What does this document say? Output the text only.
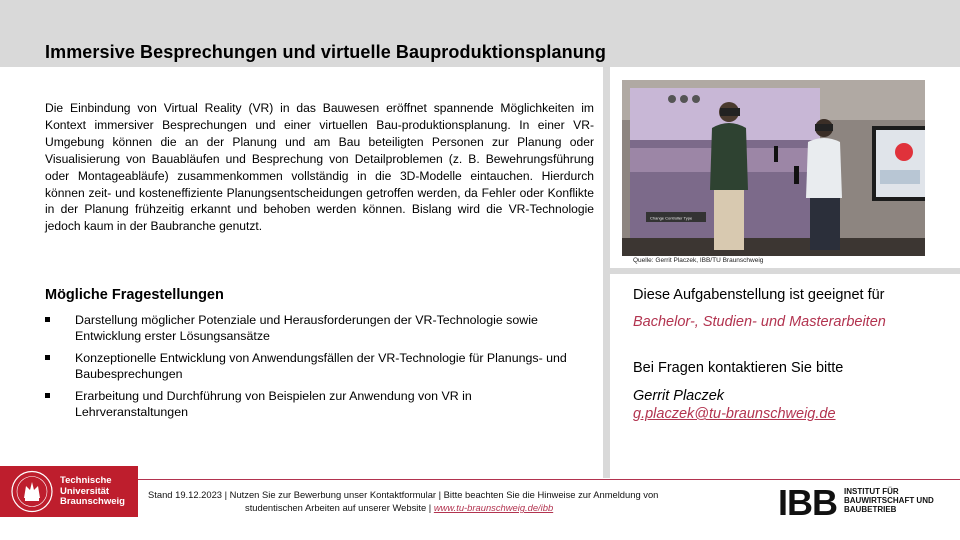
Immersive Besprechungen und virtuelle Bauproduktionsplanung

Die Einbindung von Virtual Reality (VR) in das Bauwesen eröffnet spannende Möglichkeiten im Kontext immersiver Besprechungen und einer virtuellen Bau-produktionsplanung. In einer VR-Umgebung können die an der Planung und am Bau beteiligten Personen zur Planung oder Visualisierung von Bauabläufen und Besprechung von Detailproblemen (z. B. Bewehrungsführung oder Montageabläufe) zusammenkommen vollständig in die 3D-Modelle eintauchen. Hierdurch können zeit- und kosteneffiziente Planungsentscheidungen getroffen werden, da Fehler oder Konflikte in der Planung frühzeitig erkannt und behoben werden können. Bislang wird die VR-Technologie jedoch kaum in der Baubranche genutzt.

Mögliche Fragestellungen
Darstellung möglicher Potenziale und Herausforderungen der VR-Technologie sowie Entwicklung erster Lösungsansätze
Konzeptionelle Entwicklung von Anwendungsfällen der VR-Technologie für Planungs- und Baubesprechungen
Erarbeitung und Durchführung von Beispielen zur Anwendung von VR in Lehrveranstaltungen
Change Controller Type
Quelle: Gerrit Placzek, IBB/TU Braunschweig
Diese Aufgabenstellung ist geeignet für
Bachelor-, Studien- und Masterarbeiten
Bei Fragen kontaktieren Sie bitte
Gerrit Placzek
g.placzek@tu-braunschweig.de
Technische
Universität
Braunschweig
Stand 19.12.2023 | Nutzen Sie zur Bewerbung unser Kontaktformular | Bitte beachten Sie die Hinweise zur Anmeldung von
studentischen Arbeiten auf unserer Website | www.tu-braunschweig.de/ibb	IBB INSTITUT FÜR
BAUWIRTSCHAFT UND
BAUBETRIEB
